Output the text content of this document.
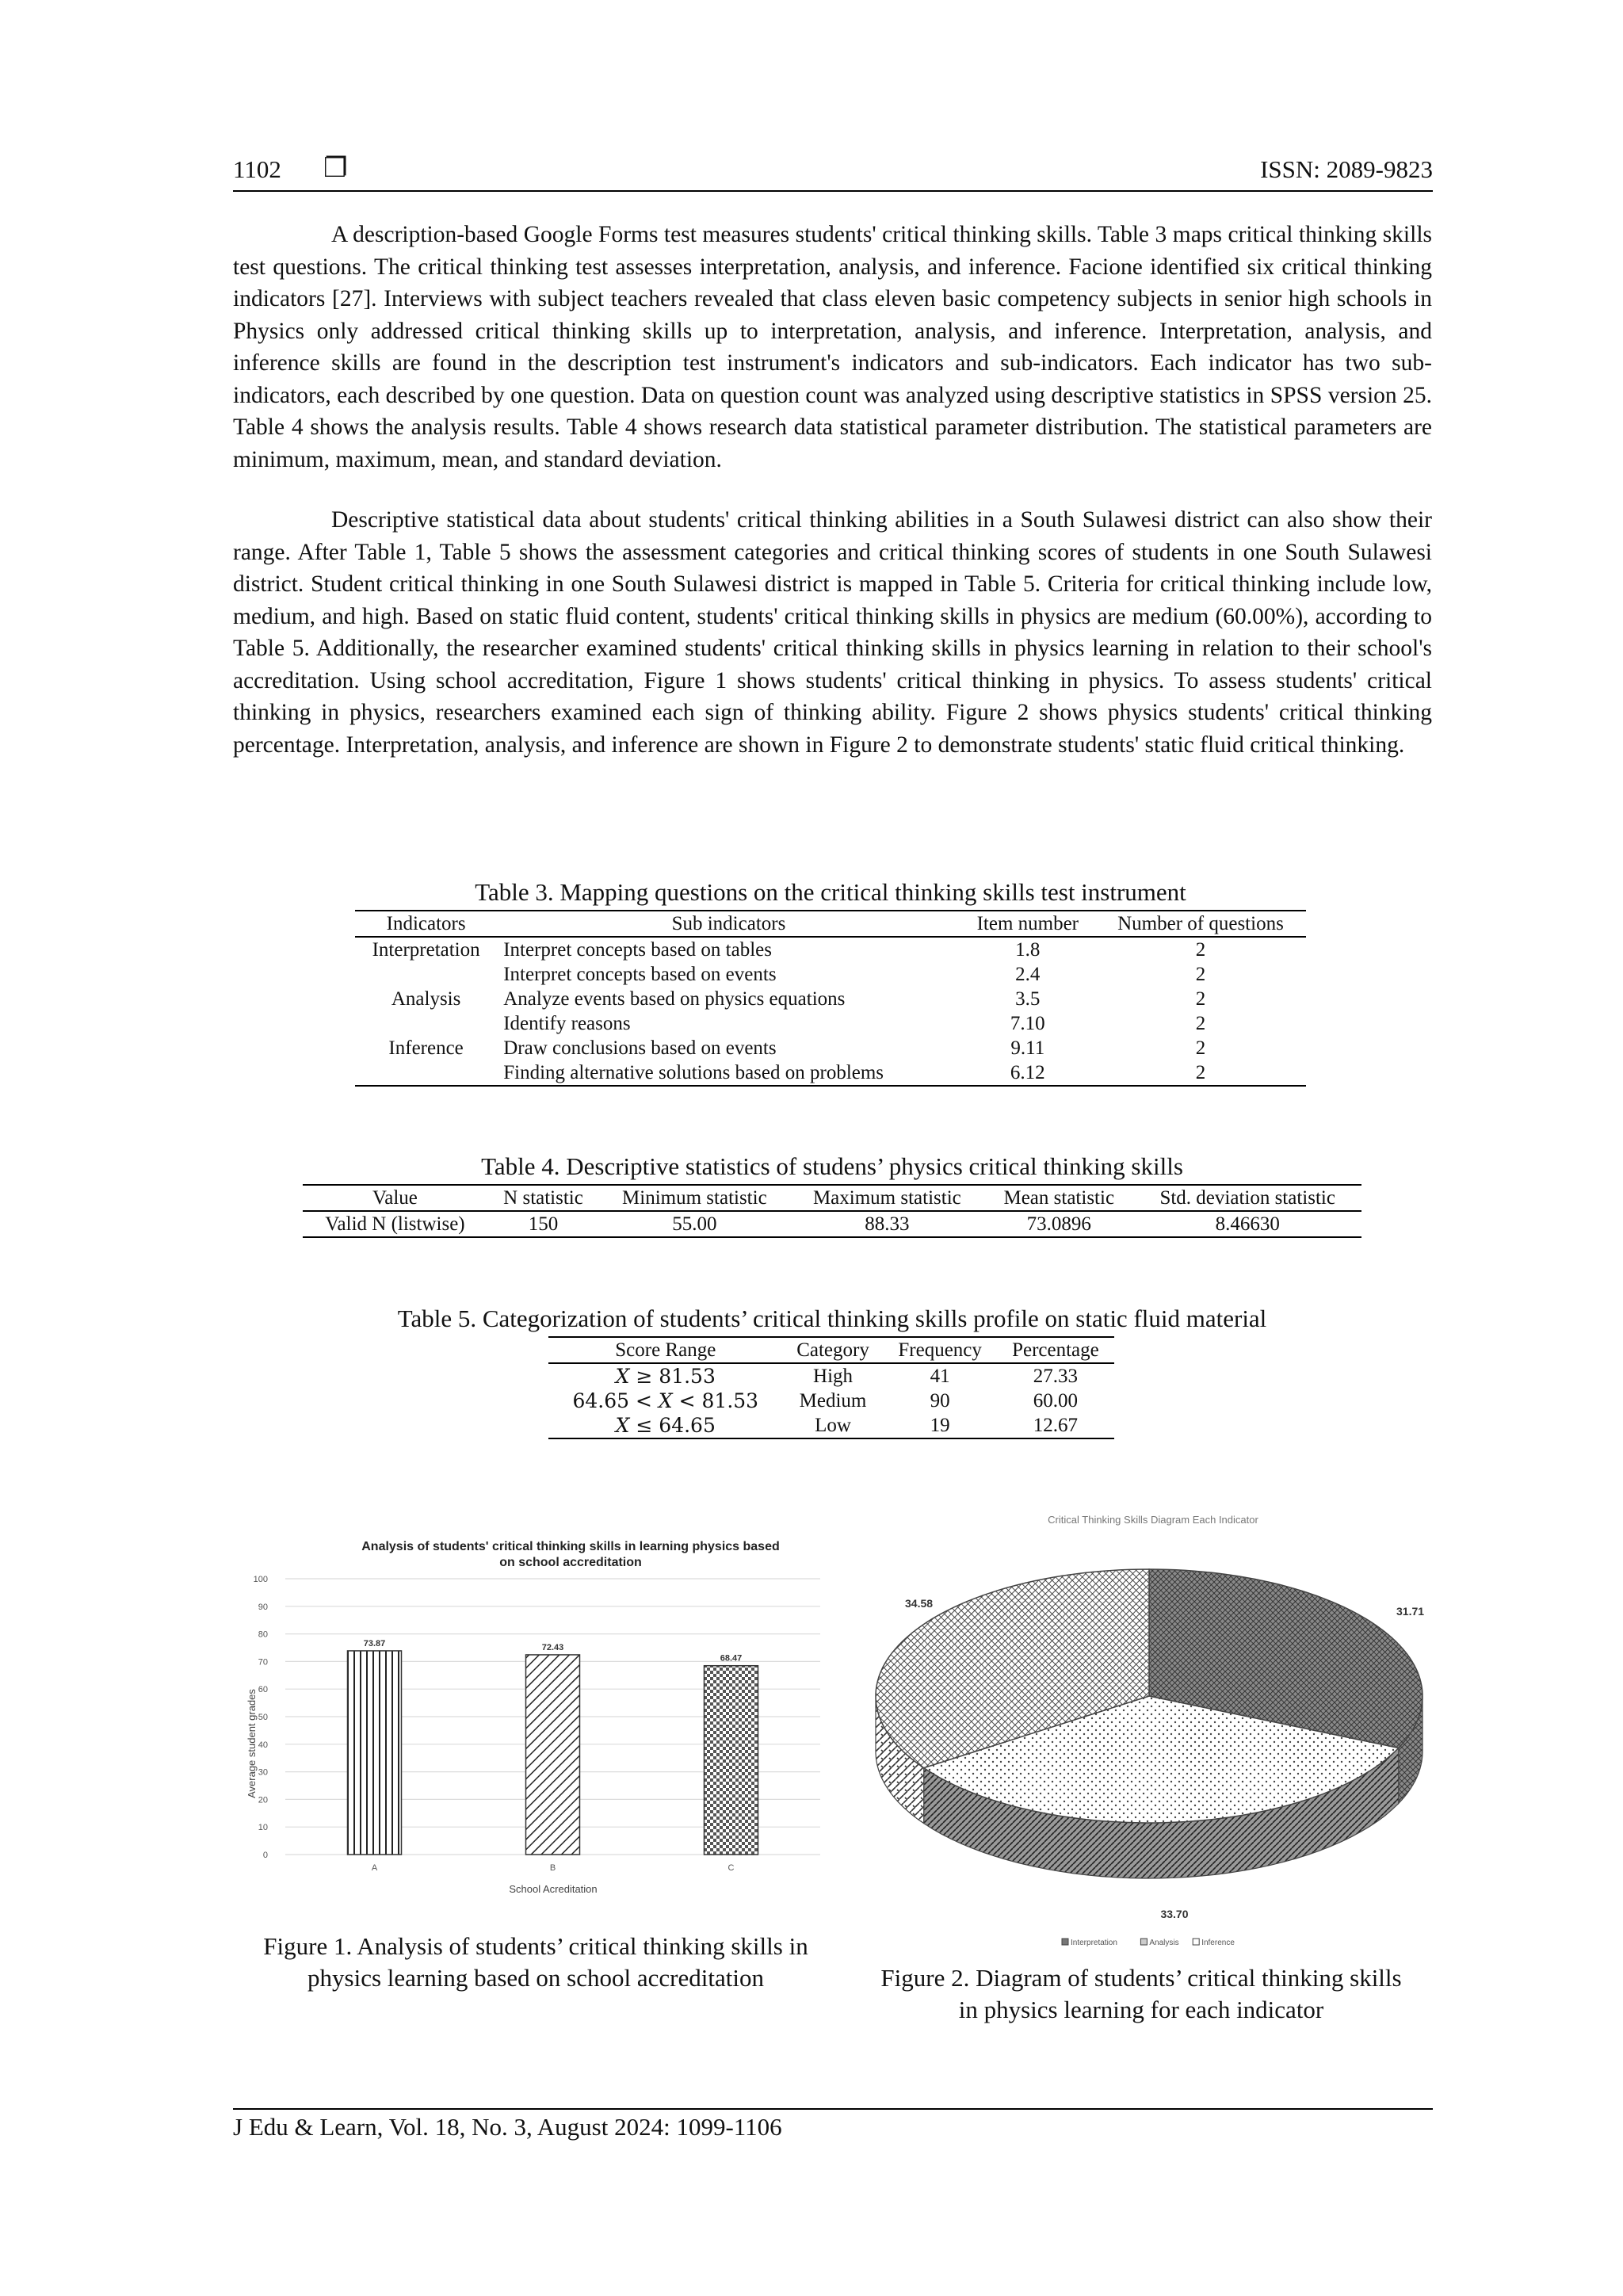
1102 ❐	ISSN: 2089-9823

A description-based Google Forms test measures students' critical thinking skills. Table 3 maps critical thinking skills test questions. The critical thinking test assesses interpretation, analysis, and inference. Facione identified six critical thinking indicators [27]. Interviews with subject teachers revealed that class eleven basic competency subjects in senior high schools in Physics only addressed critical thinking skills up to interpretation, analysis, and inference. Interpretation, analysis, and inference skills are found in the description test instrument's indicators and sub-indicators. Each indicator has two sub-indicators, each described by one question. Data on question count was analyzed using descriptive statistics in SPSS version 25. Table 4 shows the analysis results. Table 4 shows research data statistical parameter distribution. The statistical parameters are minimum, maximum, mean, and standard deviation.

Descriptive statistical data about students' critical thinking abilities in a South Sulawesi district can also show their range. After Table 1, Table 5 shows the assessment categories and critical thinking scores of students in one South Sulawesi district. Student critical thinking in one South Sulawesi district is mapped in Table 5. Criteria for critical thinking include low, medium, and high. Based on static fluid content, students' critical thinking skills in physics are medium (60.00%), according to Table 5. Additionally, the researcher examined students' critical thinking skills in physics learning in relation to their school's accreditation. Using school accreditation, Figure 1 shows students' critical thinking in physics. To assess students' critical thinking in physics, researchers examined each sign of thinking ability. Figure 2 shows physics students' critical thinking percentage. Interpretation, analysis, and inference are shown in Figure 2 to demonstrate students' static fluid critical thinking.

Table 3. Mapping questions on the critical thinking skills test instrument
Indicators	Sub indicators	Item number	Number of questions
Interpretation	Interpret concepts based on tables	1.8	2
	Interpret concepts based on events	2.4	2
Analysis	Analyze events based on physics equations	3.5	2
	Identify reasons	7.10	2
Inference	Draw conclusions based on events	9.11	2
	Finding alternative solutions based on problems	6.12	2
Table 4. Descriptive statistics of studens’ physics critical thinking skills
Value	N statistic	Minimum statistic	Maximum statistic	Mean statistic	Std. deviation statistic
Valid N (listwise)	150	55.00	88.33	73.0896	8.46630
Table 5. Categorization of students’ critical thinking skills profile on static fluid material
Score Range	Category	Frequency	Percentage
𝑋 ≥ 81.53	High	41	27.33
64.65 < 𝑋 < 81.53	Medium	90	60.00
𝑋 ≤ 64.65	Low	19	12.67
Analysis of students' critical thinking skills in learning physics based
on school accreditation
0
10
20
30
40
50
60
70
80
90
100
73.87	72.43
68.47
A	B	C
School Acreditation
Average student grades
Critical Thinking Skills Diagram Each Indicator
31.71
33.70
34.58
Interpretation	Analysis	Inference
Figure 1. Analysis of students’ critical thinking skills in physics learning based on school accreditation	Figure 2. Diagram of students’ critical thinking skills in physics learning for each indicator
J Edu & Learn, Vol. 18, No. 3, August 2024: 1099-1106
